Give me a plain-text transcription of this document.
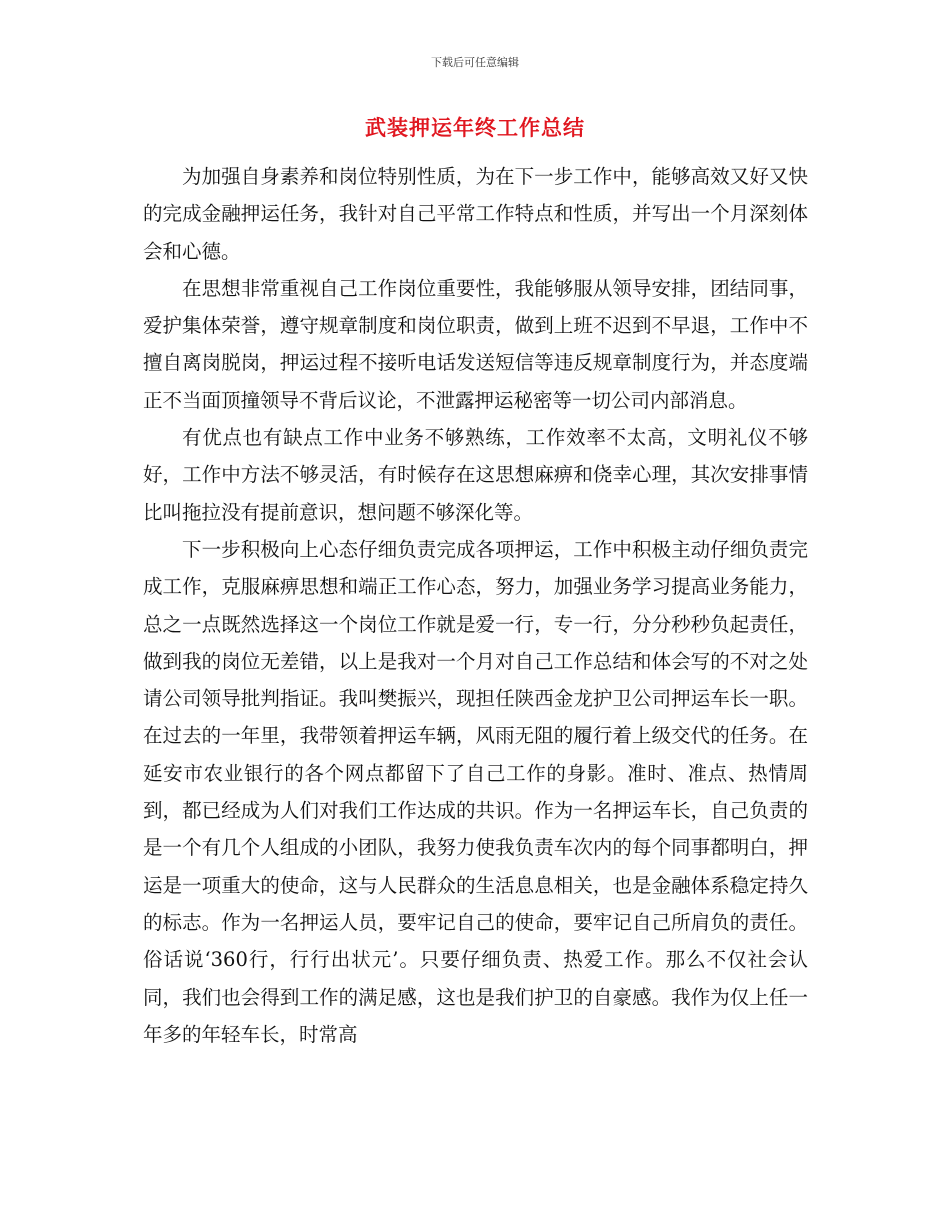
下载后可任意编辑
武装押运年终工作总结

为加强自身素养和岗位特别性质，为在下一步工作中，能够高效又好又快的完成金融押运任务，我针对自己平常工作特点和性质，并写出一个月深刻体会和心德。

在思想非常重视自己工作岗位重要性，我能够服从领导安排，团结同事，爱护集体荣誉，遵守规章制度和岗位职责，做到上班不迟到不早退，工作中不擅自离岗脱岗，押运过程不接听电话发送短信等违反规章制度行为，并态度端正不当面顶撞领导不背后议论，不泄露押运秘密等一切公司内部消息。

有优点也有缺点工作中业务不够熟练，工作效率不太高，文明礼仪不够好，工作中方法不够灵活，有时候存在这思想麻痹和侥幸心理，其次安排事情比叫拖拉没有提前意识，想问题不够深化等。

下一步积极向上心态仔细负责完成各项押运，工作中积极主动仔细负责完成工作，克服麻痹思想和端正工作心态，努力，加强业务学习提高业务能力，总之一点既然选择这一个岗位工作就是爱一行，专一行，分分秒秒负起责任，做到我的岗位无差错，以上是我对一个月对自己工作总结和体会写的不对之处请公司领导批判指证。我叫樊振兴，现担任陕西金龙护卫公司押运车长一职。在过去的一年里，我带领着押运车辆，风雨无阻的履行着上级交代的任务。在延安市农业银行的各个网点都留下了自己工作的身影。准时、准点、热情周到，都已经成为人们对我们工作达成的共识。作为一名押运车长，自己负责的是一个有几个人组成的小团队，我努力使我负责车次内的每个同事都明白，押运是一项重大的使命，这与人民群众的生活息息相关，也是金融体系稳定持久的标志。作为一名押运人员，要牢记自己的使命，要牢记自己所肩负的责任。俗话说‘360行，行行出状元’。只要仔细负责、热爱工作。那么不仅社会认同，我们也会得到工作的满足感，这也是我们护卫的自豪感。我作为仅上任一年多的年轻车长，时常高
